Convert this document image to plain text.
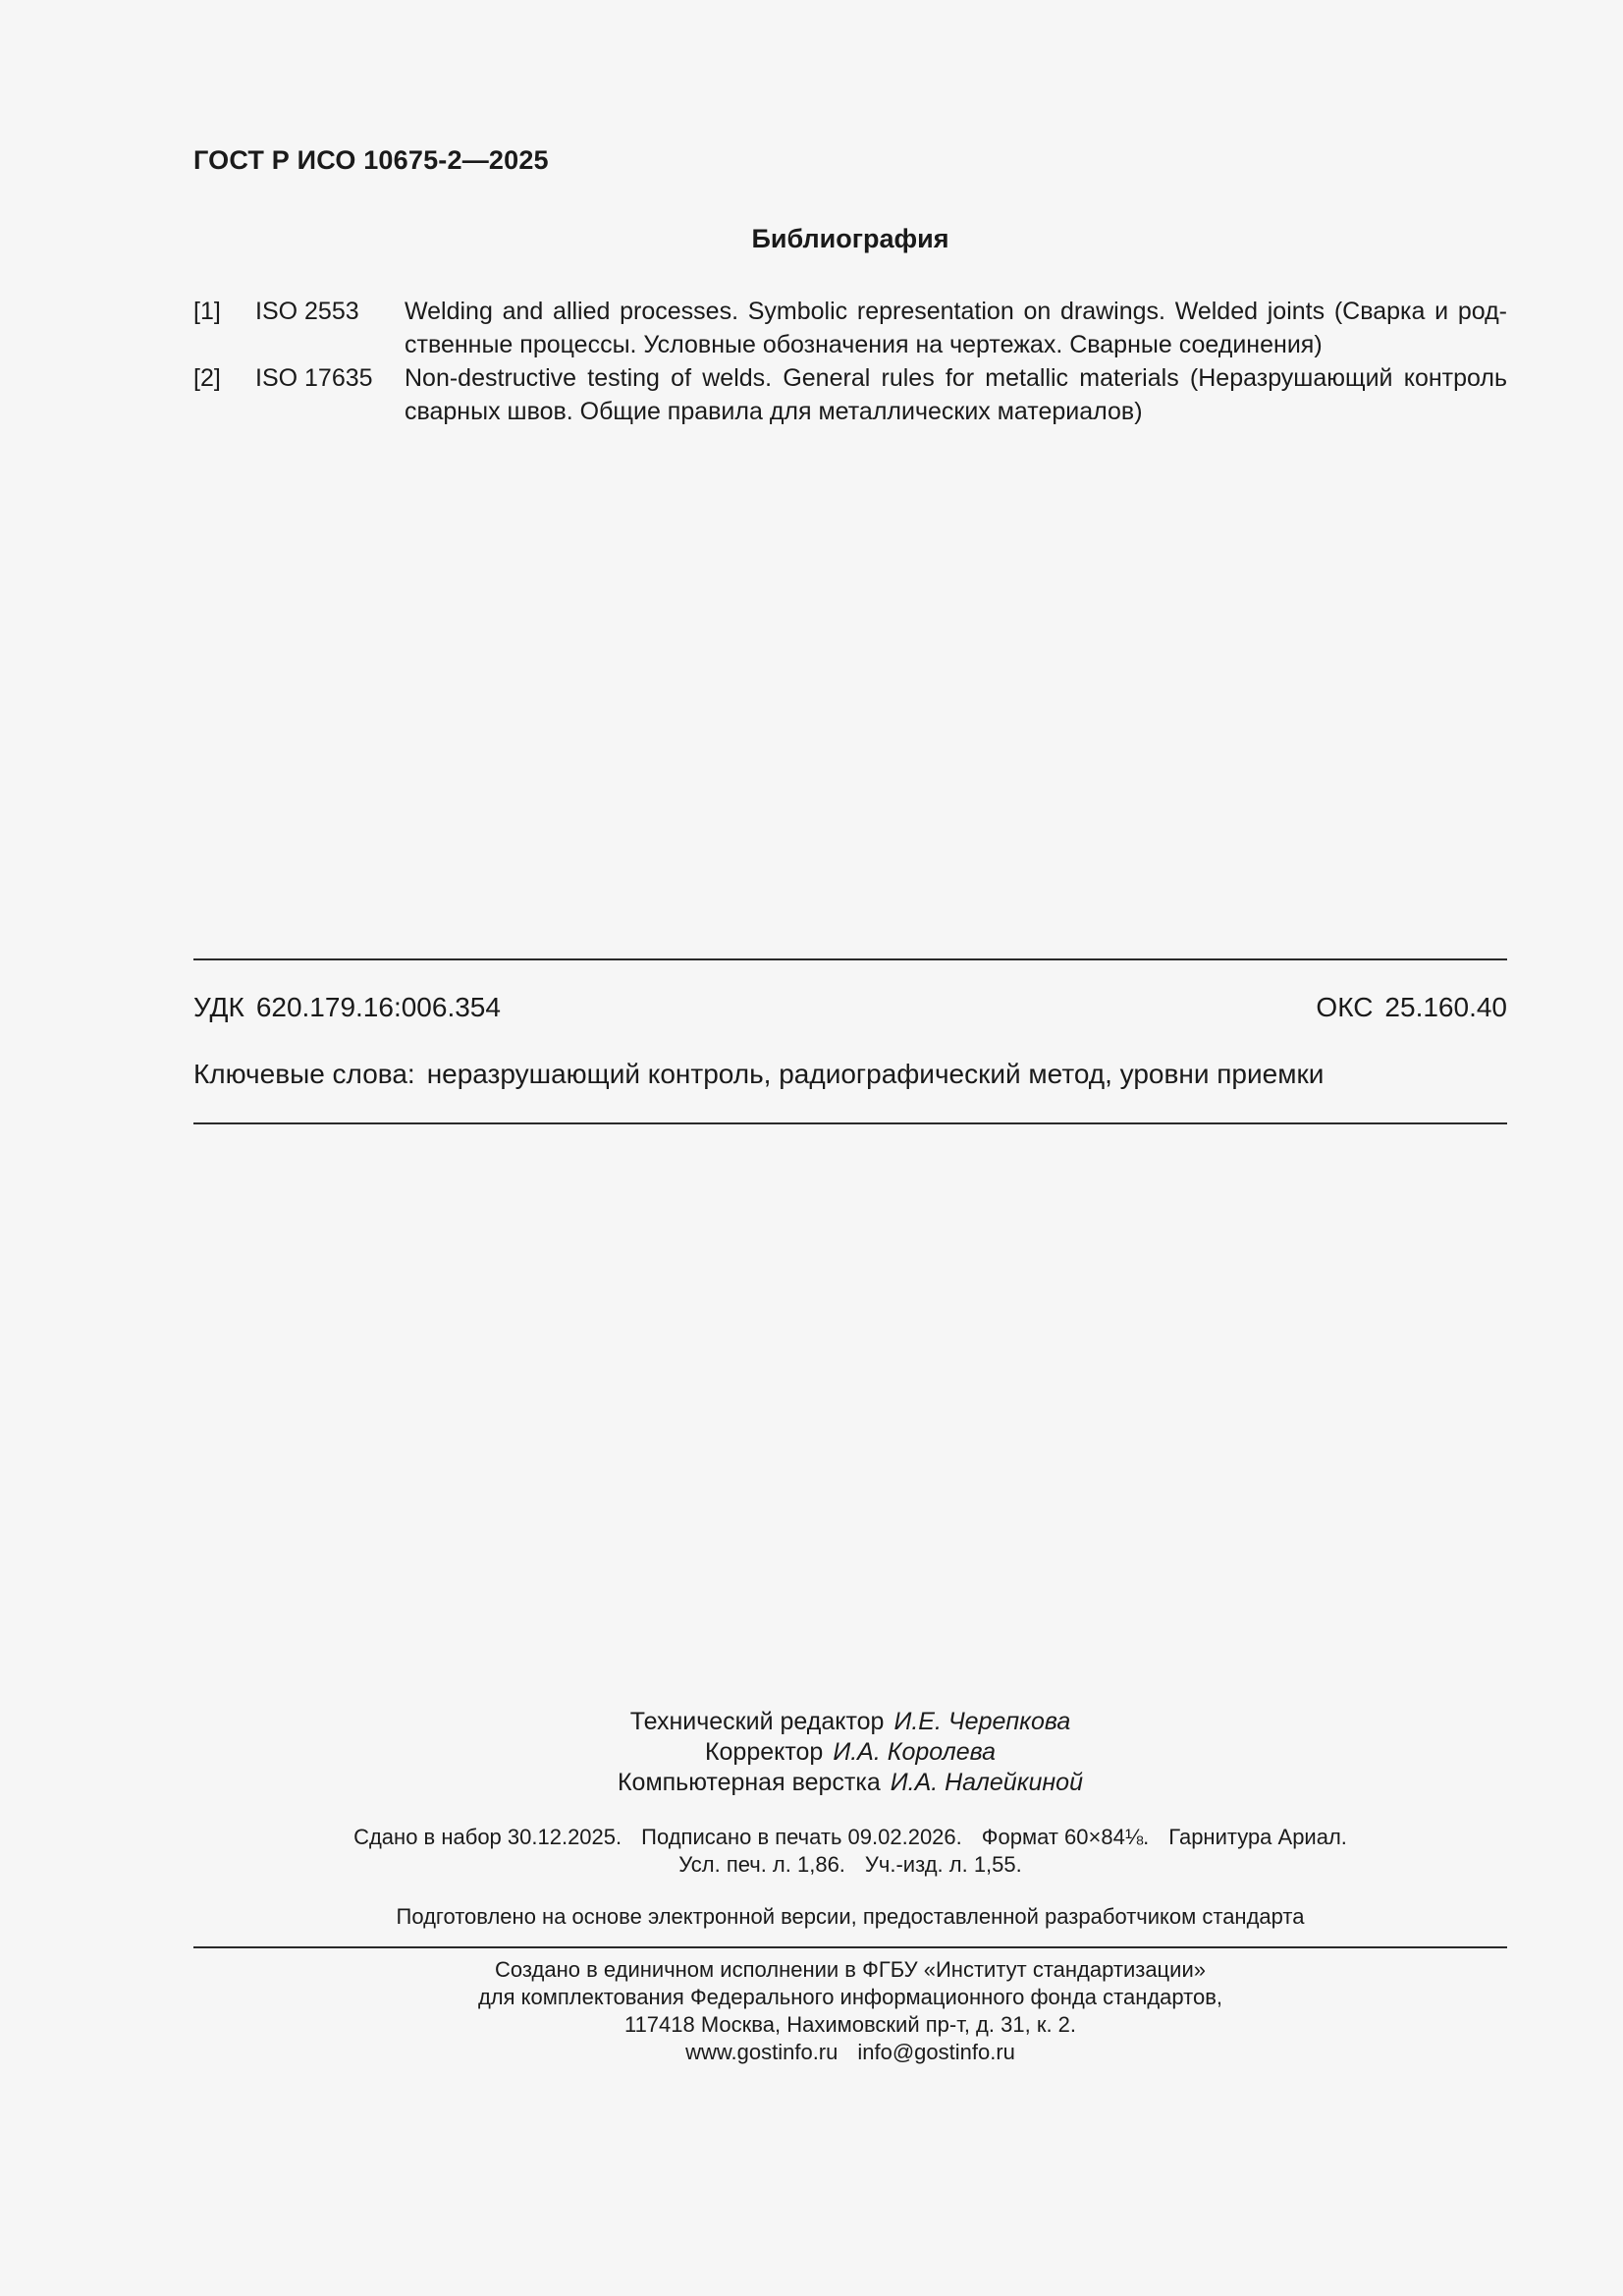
ГОСТ Р ИСО 10675-2—2025
Библиография
[1]	ISO 2553	Welding and allied processes. Symbolic representation on drawings. Welded joints (Сварка и род-ственные процессы. Условные обозначения на чертежах. Сварные соединения)
[2]	ISO 17635	Non-destructive testing of welds. General rules for metallic materials (Неразрушающий контроль сварных швов. Общие правила для металлических материалов)
УДК 620.179.16:006.354	ОКС 25.160.40
Ключевые слова: неразрушающий контроль, радиографический метод, уровни приемки
Технический редактор И.Е. Черепкова
Корректор И.А. Королева
Компьютерная верстка И.А. Налейкиной
Сдано в набор 30.12.2025. Подписано в печать 09.02.2026. Формат 60×84⅛. Гарнитура Ариал.
Усл. печ. л. 1,86. Уч.-изд. л. 1,55.
Подготовлено на основе электронной версии, предоставленной разработчиком стандарта
Создано в единичном исполнении в ФГБУ «Институт стандартизации»
для комплектования Федерального информационного фонда стандартов,
117418 Москва, Нахимовский пр-т, д. 31, к. 2.
www.gostinfo.ru info@gostinfo.ru
